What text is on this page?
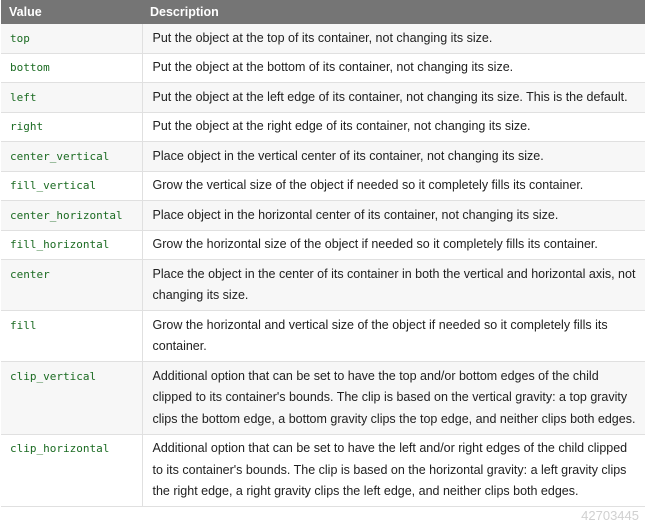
Value	Description
top	Put the object at the top of its container, not changing its size.
bottom	Put the object at the bottom of its container, not changing its size.
left	Put the object at the left edge of its container, not changing its size. This is the default.
right	Put the object at the right edge of its container, not changing its size.
center_vertical	Place object in the vertical center of its container, not changing its size.
fill_vertical	Grow the vertical size of the object if needed so it completely fills its container.
center_horizontal	Place object in the horizontal center of its container, not changing its size.
fill_horizontal	Grow the horizontal size of the object if needed so it completely fills its container.
center	Place the object in the center of its container in both the vertical and horizontal axis, not changing its size.
fill	Grow the horizontal and vertical size of the object if needed so it completely fills its container.
clip_vertical	Additional option that can be set to have the top and/or bottom edges of the child clipped to its container's bounds. The clip is based on the vertical gravity: a top gravity clips the bottom edge, a bottom gravity clips the top edge, and neither clips both edges.
clip_horizontal	Additional option that can be set to have the left and/or right edges of the child clipped to its container's bounds. The clip is based on the horizontal gravity: a left gravity clips the right edge, a right gravity clips the left edge, and neither clips both edges.
42703445
